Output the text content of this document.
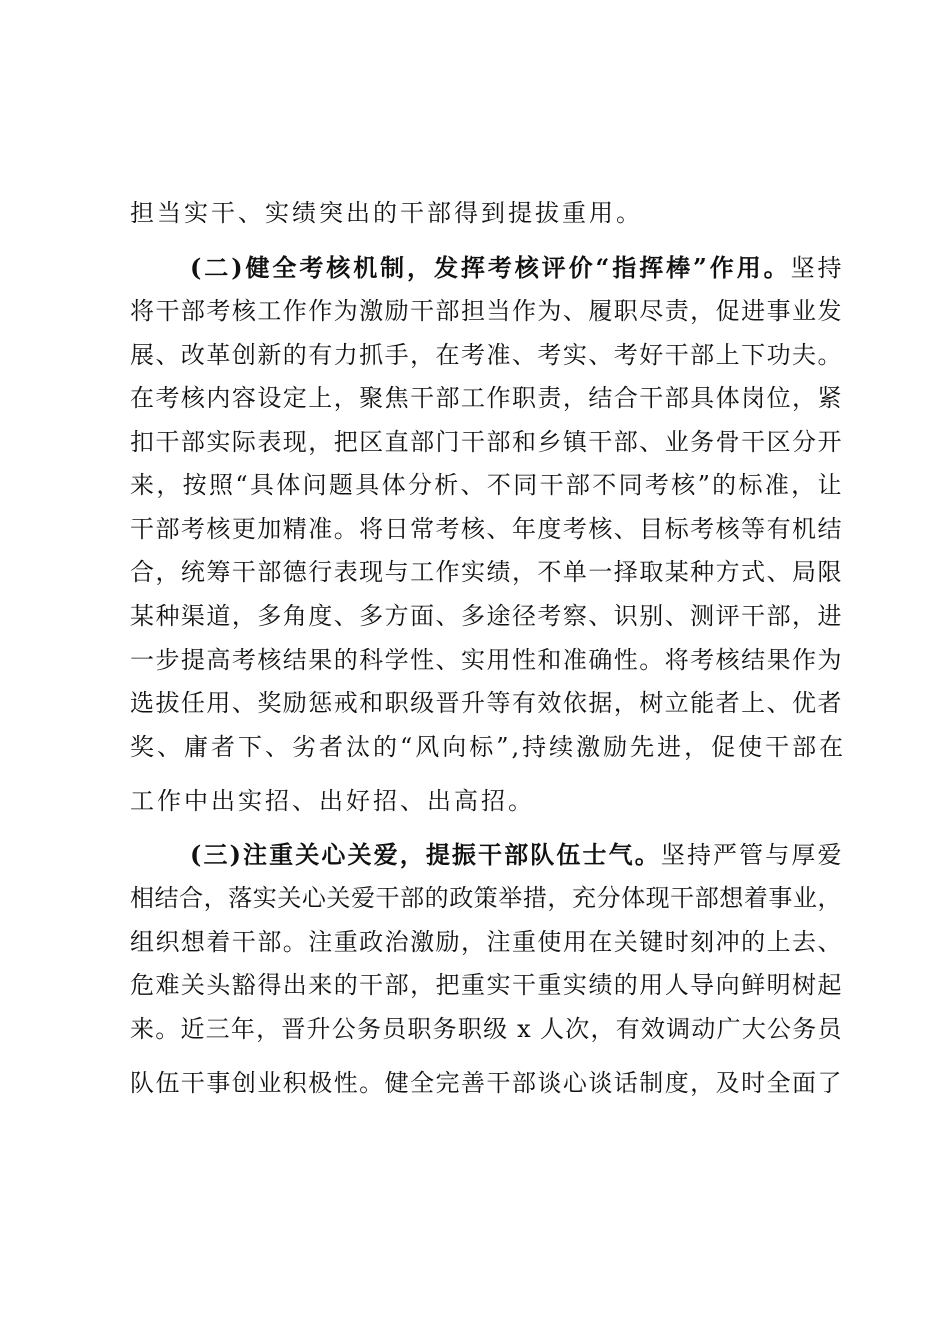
担当实干、实绩突出的干部得到提拔重用。
(二)健全考核机制，发挥考核评价“指挥棒”作用。坚持
将干部考核工作作为激励干部担当作为、履职尽责，促进事业发
展、改革创新的有力抓手，在考准、考实、考好干部上下功夫。
在考核内容设定上，聚焦干部工作职责，结合干部具体岗位，紧
扣干部实际表现，把区直部门干部和乡镇干部、业务骨干区分开
来，按照“具体问题具体分析、不同干部不同考核”的标准，让
干部考核更加精准。将日常考核、年度考核、目标考核等有机结
合，统筹干部德行表现与工作实绩，不单一择取某种方式、局限
某种渠道，多角度、多方面、多途径考察、识别、测评干部，进
一步提高考核结果的科学性、实用性和准确性。将考核结果作为
选拔任用、奖励惩戒和职级晋升等有效依据，树立能者上、优者
奖、庸者下、劣者汰的“风向标”,持续激励先进，促使干部在
工作中出实招、出好招、出高招。
(三)注重关心关爱，提振干部队伍士气。坚持严管与厚爱
相结合，落实关心关爱干部的政策举措，充分体现干部想着事业，
组织想着干部。注重政治激励，注重使用在关键时刻冲的上去、
危难关头豁得出来的干部，把重实干重实绩的用人导向鲜明树起
来。近三年，晋升公务员职务职级 x 人次，有效调动广大公务员
队伍干事创业积极性。健全完善干部谈心谈话制度，及时全面了
